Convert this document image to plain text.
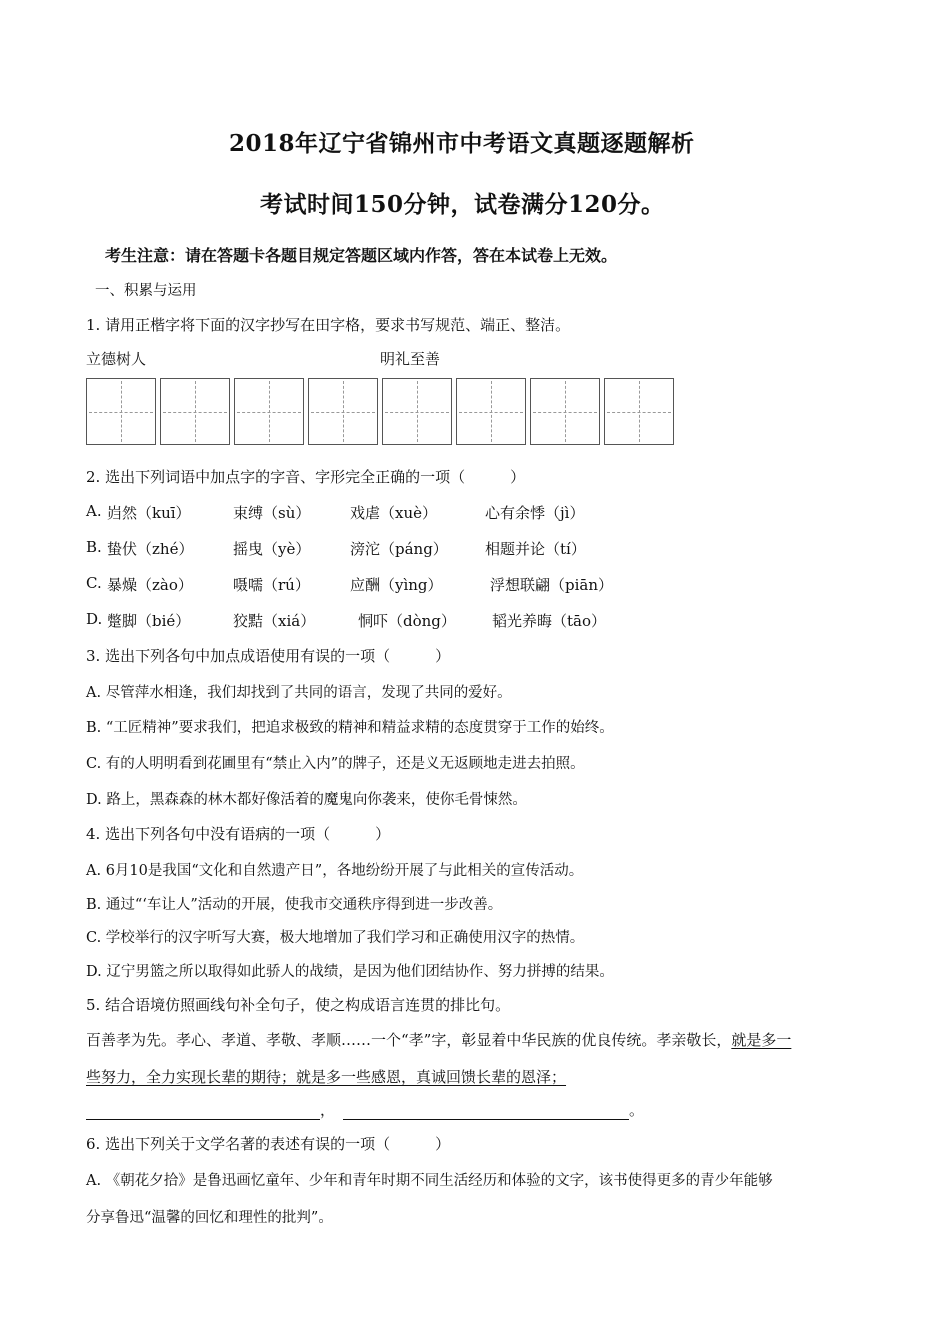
2018年辽宁省锦州市中考语文真题逐题解析
考试时间150分钟，试卷满分120分。
考生注意：请在答题卡各题目规定答题区域内作答，答在本试卷上无效。
一、积累与运用
1. 请用正楷字将下面的汉字抄写在田字格，要求书写规范、端正、整洁。
立德树人	明礼至善
2. 选出下列词语中加点字的字音、字形完全正确的一项（　　　）
A. 岿然（kuī）	束缚（sù）	戏虐（xuè）	心有余悸（jì）
B. 蛰伏（zhé）	摇曳（yè）	滂沱（páng） 相题并论（tí）
C. 暴燥（zào）	嗫嚅（rú）	应酬（yìng）	浮想联翩（piān）
D. 蹩脚（bié）	狡黠（xiá）	恫吓（dòng） 韬光养晦（tāo）
3. 选出下列各句中加点成语使用有误的一项（　　　）
A. 尽管萍水相逢，我们却找到了共同的语言，发现了共同的爱好。
B. “工匠精神”要求我们，把追求极致的精神和精益求精的态度贯穿于工作的始终。
C. 有的人明明看到花圃里有“禁止入内”的牌子，还是义无返顾地走进去拍照。
D. 路上，黑森森的林木都好像活着的魔鬼向你袭来，使你毛骨悚然。
4. 选出下列各句中没有语病的一项（　　　）
A. 6月10是我国“文化和自然遗产日”，各地纷纷开展了与此相关的宣传活动。
B. 通过“‘车让人”活动的开展，使我市交通秩序得到进一步改善。
C. 学校举行的汉字听写大赛，极大地增加了我们学习和正确使用汉字的热情。
D. 辽宁男篮之所以取得如此骄人的战绩，是因为他们团结协作、努力拼搏的结果。
5. 结合语境仿照画线句补全句子，使之构成语言连贯的排比句。
百善孝为先。孝心、孝道、孝敬、孝顺……一个“孝”字，彰显着中华民族的优良传统。孝亲敬长，就是多一
些努力，全力实现长辈的期待；就是多一些感恩，真诚回馈长辈的恩泽；
，	。
6. 选出下列关于文学名著的表述有误的一项（　　　）
A. 《朝花夕拾》是鲁迅画忆童年、少年和青年时期不同生活经历和体验的文字，该书使得更多的青少年能够
分享鲁迅“温馨的回忆和理性的批判”。
